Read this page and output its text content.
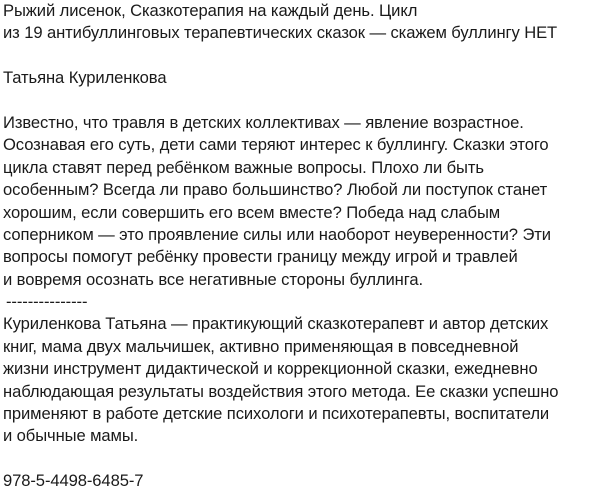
Рыжий лисенок, Сказкотерапия на каждый день. Цикл
из 19 антибуллинговых терапевтических сказок — скажем буллингу НЕТ
Татьяна Куриленкова
Известно, что травля в детских коллективах — явление возрастное.
Осознавая его суть, дети сами теряют интерес к буллингу. Сказки этого
цикла ставят перед ребёнком важные вопросы. Плохо ли быть
особенным? Всегда ли право большинство? Любой ли поступок станет
хорошим, если совершить его всем вместе? Победа над слабым
соперником — это проявление силы или наоборот неуверенности? Эти
вопросы помогут ребёнку провести границу между игрой и травлей
и вовремя осознать все негативные стороны буллинга.
---------------
Куриленкова Татьяна — практикующий сказкотерапевт и автор детских
книг, мама двух мальчишек, активно применяющая в повседневной
жизни инструмент дидактической и коррекционной сказки, ежедневно
наблюдающая результаты воздействия этого метода. Ее сказки успешно
применяют в работе детские психологи и психотерапевты, воспитатели
и обычные мамы.
978-5-4498-6485-7
